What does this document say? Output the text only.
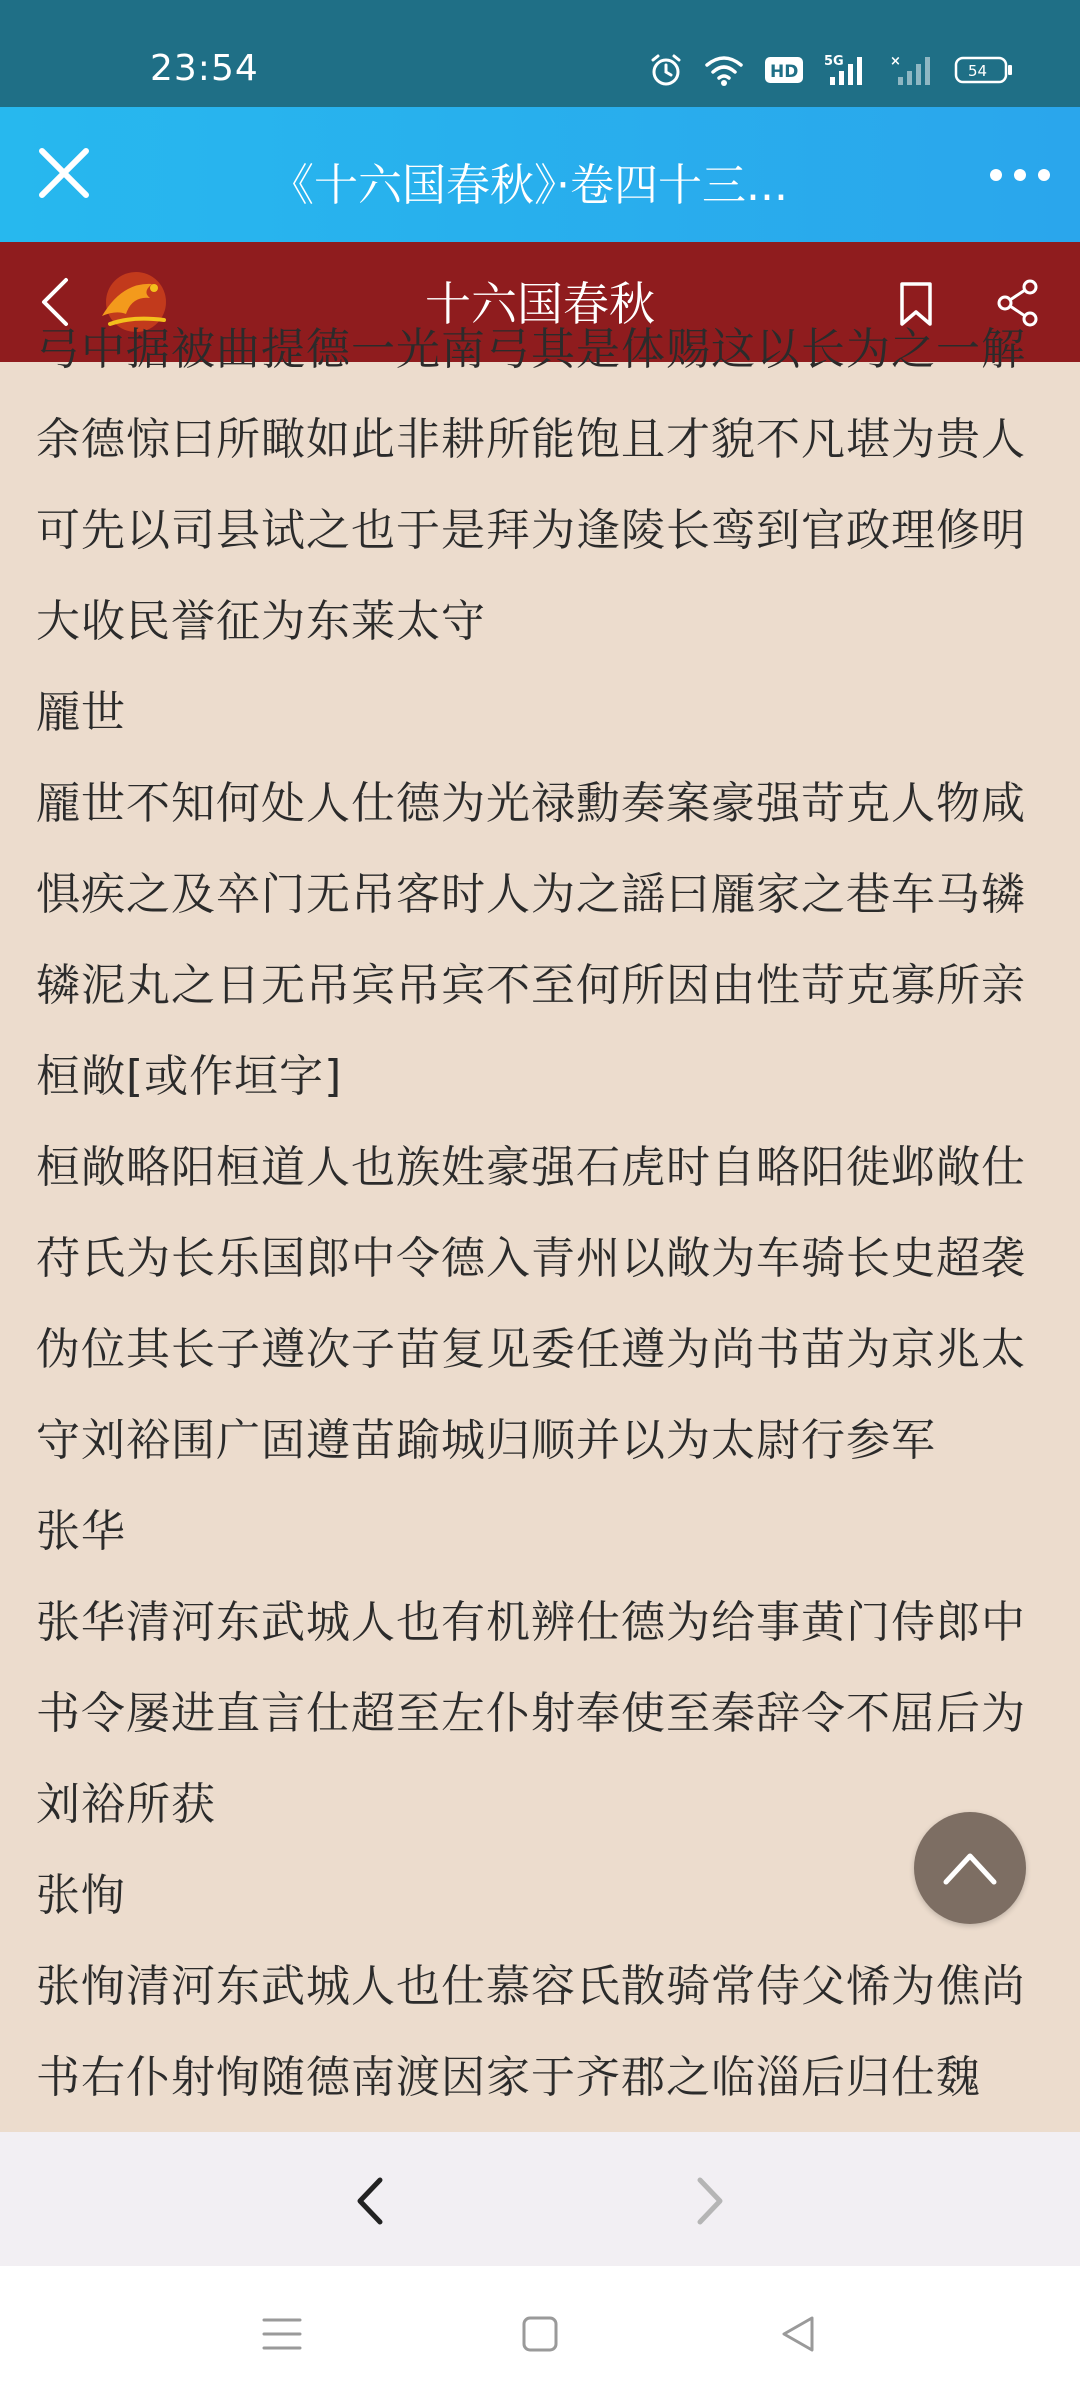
23:54	HD
5G	×
54
《十六国春秋》·卷四十三...
十六国春秋
弓中据被曲提德一光南弓其是体赐这以长为之一解
余德惊曰所瞰如此非耕所能饱且才貌不凡堪为贵人
可先以司县试之也于是拜为逢陵长鸾到官政理修明
大收民誉征为东莱太守
龎世
龎世不知何处人仕德为光禄勳奏案豪强苛克人物咸
惧疾之及卒门无吊客时人为之謡曰龎家之巷车马辚
辚泥丸之日无吊宾吊宾不至何所因由性苛克寡所亲
桓敞[或作垣字]
桓敞略阳桓道人也族姓豪强石虎时自略阳徙邺敞仕
苻氏为长乐国郎中令德入青州以敞为车骑长史超袭
伪位其长子遵次子苗复见委任遵为尚书苗为京兆太
守刘裕围广固遵苗踰城归顺并以为太尉行参军
张华
张华清河东武城人也有机辨仕德为给事黄门侍郎中
书令屡进直言仕超至左仆射奉使至秦辞令不屈后为
刘裕所获
张恂
张恂清河东武城人也仕慕容氏散骑常侍父悕为僬尚
书右仆射恂随德南渡因家于齐郡之临淄后归仕魏
